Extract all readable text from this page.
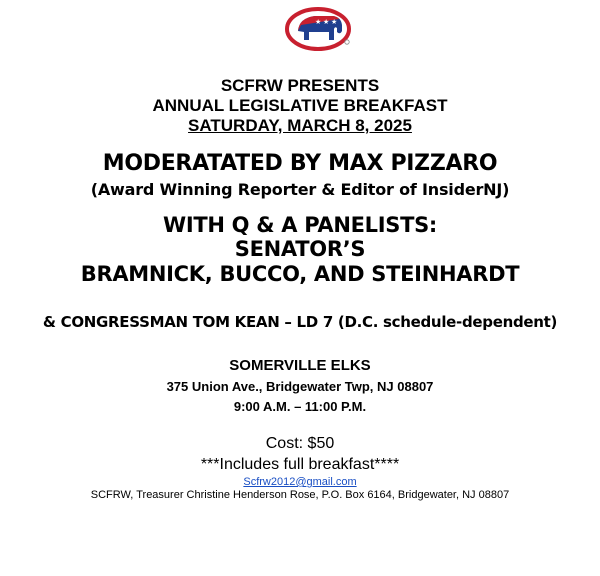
★ ★ ★
SCFRW PRESENTS
ANNUAL LEGISLATIVE BREAKFAST
SATURDAY, MARCH 8, 2025
MODERATATED BY MAX PIZZARO
(Award Winning Reporter & Editor of InsiderNJ)
WITH Q & A PANELISTS:
SENATOR’S
BRAMNICK, BUCCO, AND STEINHARDT
& CONGRESSMAN TOM KEAN – LD 7 (D.C. schedule-dependent)
SOMERVILLE ELKS
375 Union Ave., Bridgewater Twp, NJ 08807
9:00 A.M. – 11:00 P.M.
Cost: $50
***Includes full breakfast****
Scfrw2012@gmail.com
SCFRW, Treasurer Christine Henderson Rose, P.O. Box 6164, Bridgewater, NJ 08807
